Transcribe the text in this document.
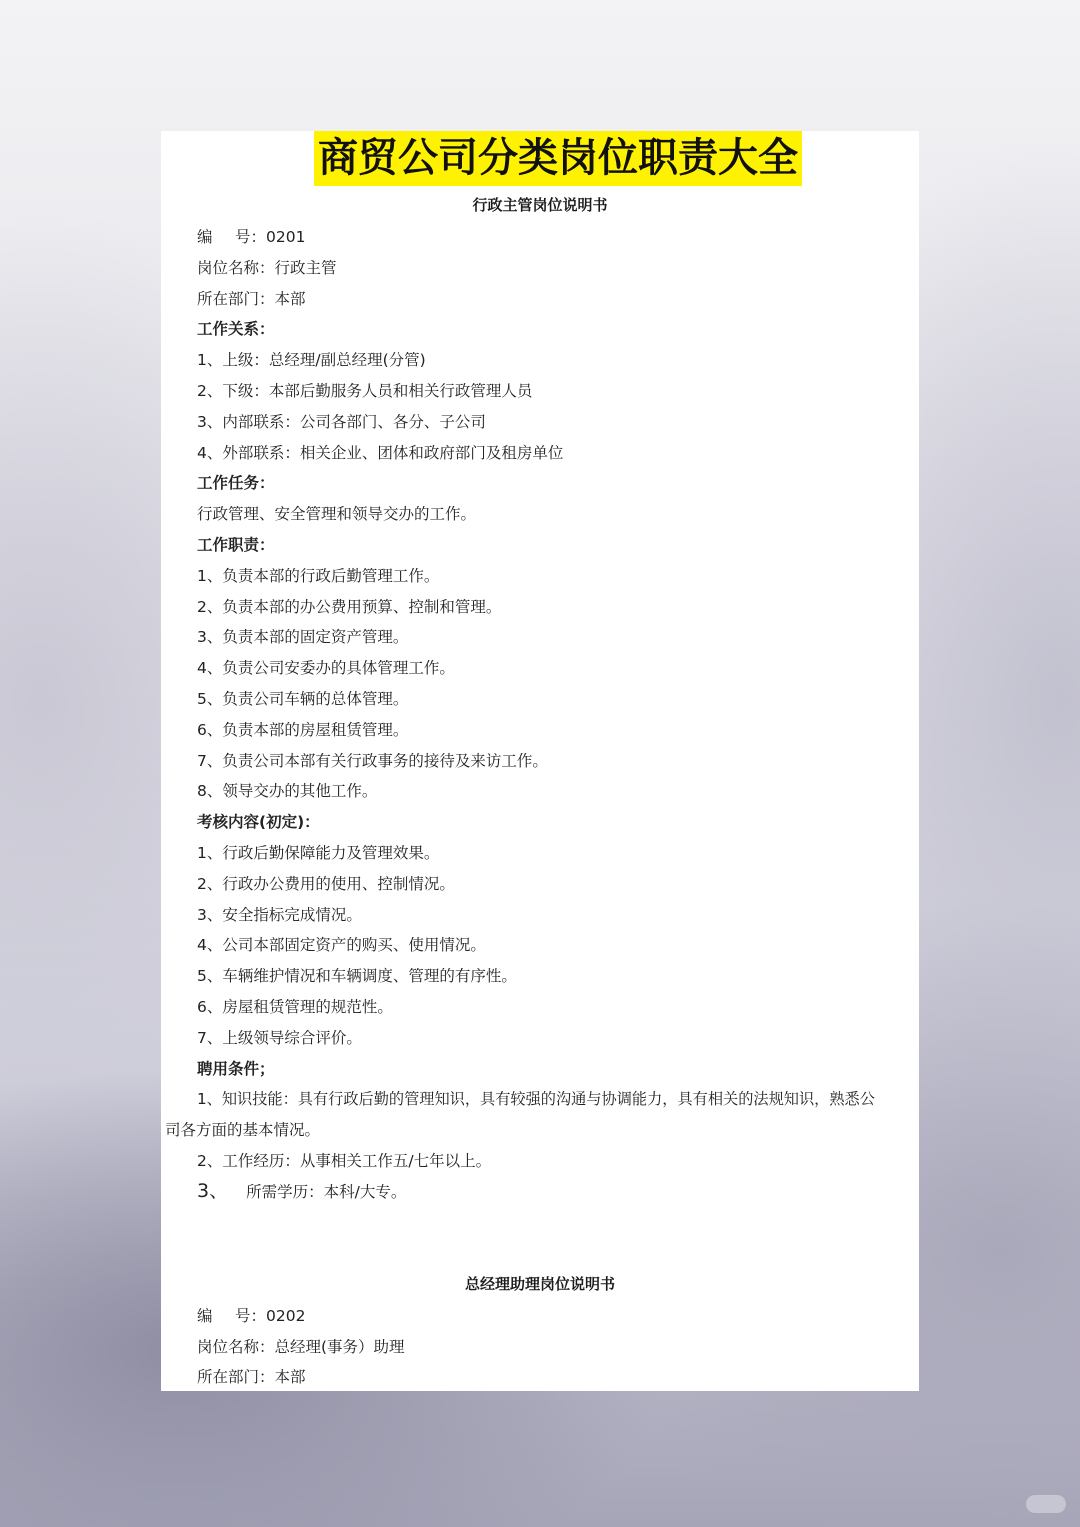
商贸公司分类岗位职责大全
行政主管岗位说明书
编 号：0201
岗位名称：行政主管
所在部门：本部
工作关系：
1、上级：总经理/副总经理(分管)
2、下级：本部后勤服务人员和相关行政管理人员
3、内部联系：公司各部门、各分、子公司
4、外部联系：相关企业、团体和政府部门及租房单位
工作任务：
行政管理、安全管理和领导交办的工作。
工作职责：
1、负责本部的行政后勤管理工作。
2、负责本部的办公费用预算、控制和管理。
3、负责本部的固定资产管理。
4、负责公司安委办的具体管理工作。
5、负责公司车辆的总体管理。
6、负责本部的房屋租赁管理。
7、负责公司本部有关行政事务的接待及来访工作。
8、领导交办的其他工作。
考核内容(初定)：
1、行政后勤保障能力及管理效果。
2、行政办公费用的使用、控制情况。
3、安全指标完成情况。
4、公司本部固定资产的购买、使用情况。
5、车辆维护情况和车辆调度、管理的有序性。
6、房屋租赁管理的规范性。
7、上级领导综合评价。
聘用条件；
1、知识技能：具有行政后勤的管理知识，具有较强的沟通与协调能力，具有相关的法规知识，熟悉公
司各方面的基本情况。
2、工作经历：从事相关工作五/七年以上。
3、 所需学历：本科/大专。
总经理助理岗位说明书
编 号：0202
岗位名称：总经理(事务）助理
所在部门：本部
